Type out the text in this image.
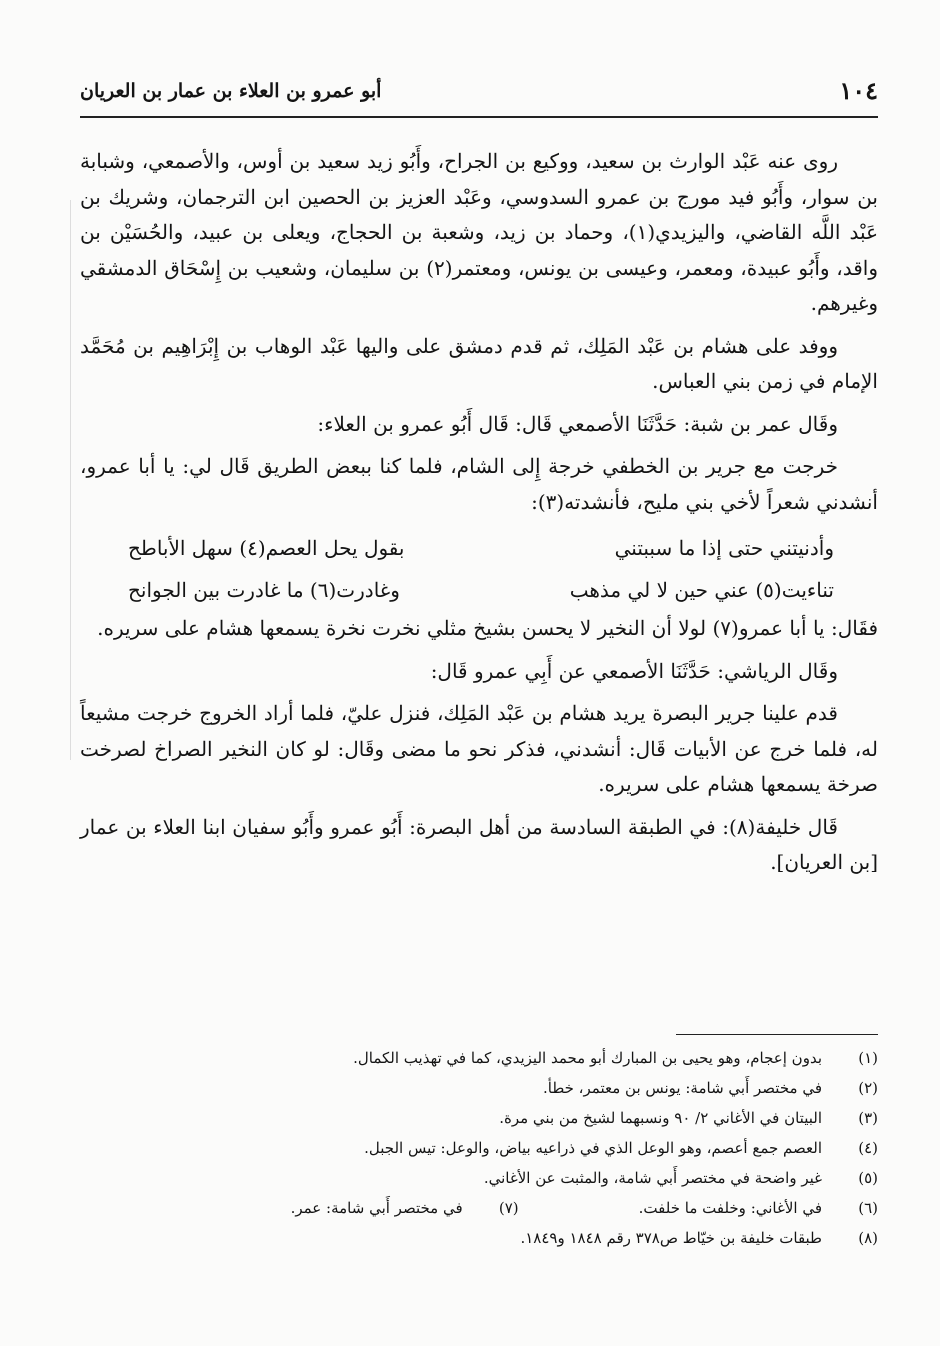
١٠٤
أبو عمرو بن العلاء بن عمار بن العريان

روى عنه عَبْد الوارث بن سعيد، ووكيع بن الجراح، وأَبُو زيد سعيد بن أوس، والأصمعي، وشبابة بن سوار، وأَبُو فيد مورج بن عمرو السدوسي، وعَبْد العزيز بن الحصين ابن الترجمان، وشريك بن عَبْد اللَّه القاضي، واليزيدي(١)، وحماد بن زيد، وشعبة بن الحجاج، ويعلى بن عبيد، والحُسَيْن بن واقد، وأَبُو عبيدة، ومعمر، وعيسى بن يونس، ومعتمر(٢) بن سليمان، وشعيب بن إِسْحَاق الدمشقي وغيرهم.

ووفد على هشام بن عَبْد المَلِك، ثم قدم دمشق على واليها عَبْد الوهاب بن إِبْرَاهِيم بن مُحَمَّد الإمام في زمن بني العباس.

وقَال عمر بن شبة: حَدَّثَنَا الأصمعي قَال: قَال أَبُو عمرو بن العلاء:

خرجت مع جرير بن الخطفي خرجة إِلى الشام، فلما كنا ببعض الطريق قَال لي: يا أبا عمرو، أنشدني شعراً لأخي بني مليح، فأنشدته(٣):

وأدنيتني حتى إذا ما سببتني
بقول يحل العصم(٤) سهل الأباطح
تناءيت(٥) عني حين لا لي مذهب
وغادرت(٦) ما غادرت بين الجوانح

فقَال: يا أبا عمرو(٧) لولا أن النخير لا يحسن بشيخ مثلي نخرت نخرة يسمعها هشام على سريره.

وقَال الرياشي: حَدَّثَنَا الأصمعي عن أَبِي عمرو قَال:

قدم علينا جرير البصرة يريد هشام بن عَبْد المَلِك، فنزل عليّ، فلما أراد الخروج خرجت مشيعاً له، فلما خرج عن الأبيات قَال: أنشدني، فذكر نحو ما مضى وقَال: لو كان النخير الصراخ لصرخت صرخة يسمعها هشام على سريره.

قَال خليفة(٨): في الطبقة السادسة من أهل البصرة: أَبُو عمرو وأَبُو سفيان ابنا العلاء بن عمار [بن العريان].

(١)
بدون إعجام، وهو يحيى بن المبارك أبو محمد اليزيدي، كما في تهذيب الكمال.
(٢)
في مختصر أَبي شامة: يونس بن معتمر، خطأ.
(٣)
البيتان في الأغاني ٢/ ٩٠ ونسبهما لشيخ من بني مرة.
(٤)
العصم جمع أعصم، وهو الوعل الذي في ذراعيه بياض، والوعل: تيس الجبل.
(٥)
غير واضحة في مختصر أَبي شامة، والمثبت عن الأغاني.
(٦)
في الأغاني: وخلفت ما خلفت.
(٧)
في مختصر أَبي شامة: عمر.
(٨)
طبقات خليفة بن خيّاط ص٣٧٨ رقم ١٨٤٨ و١٨٤٩.
